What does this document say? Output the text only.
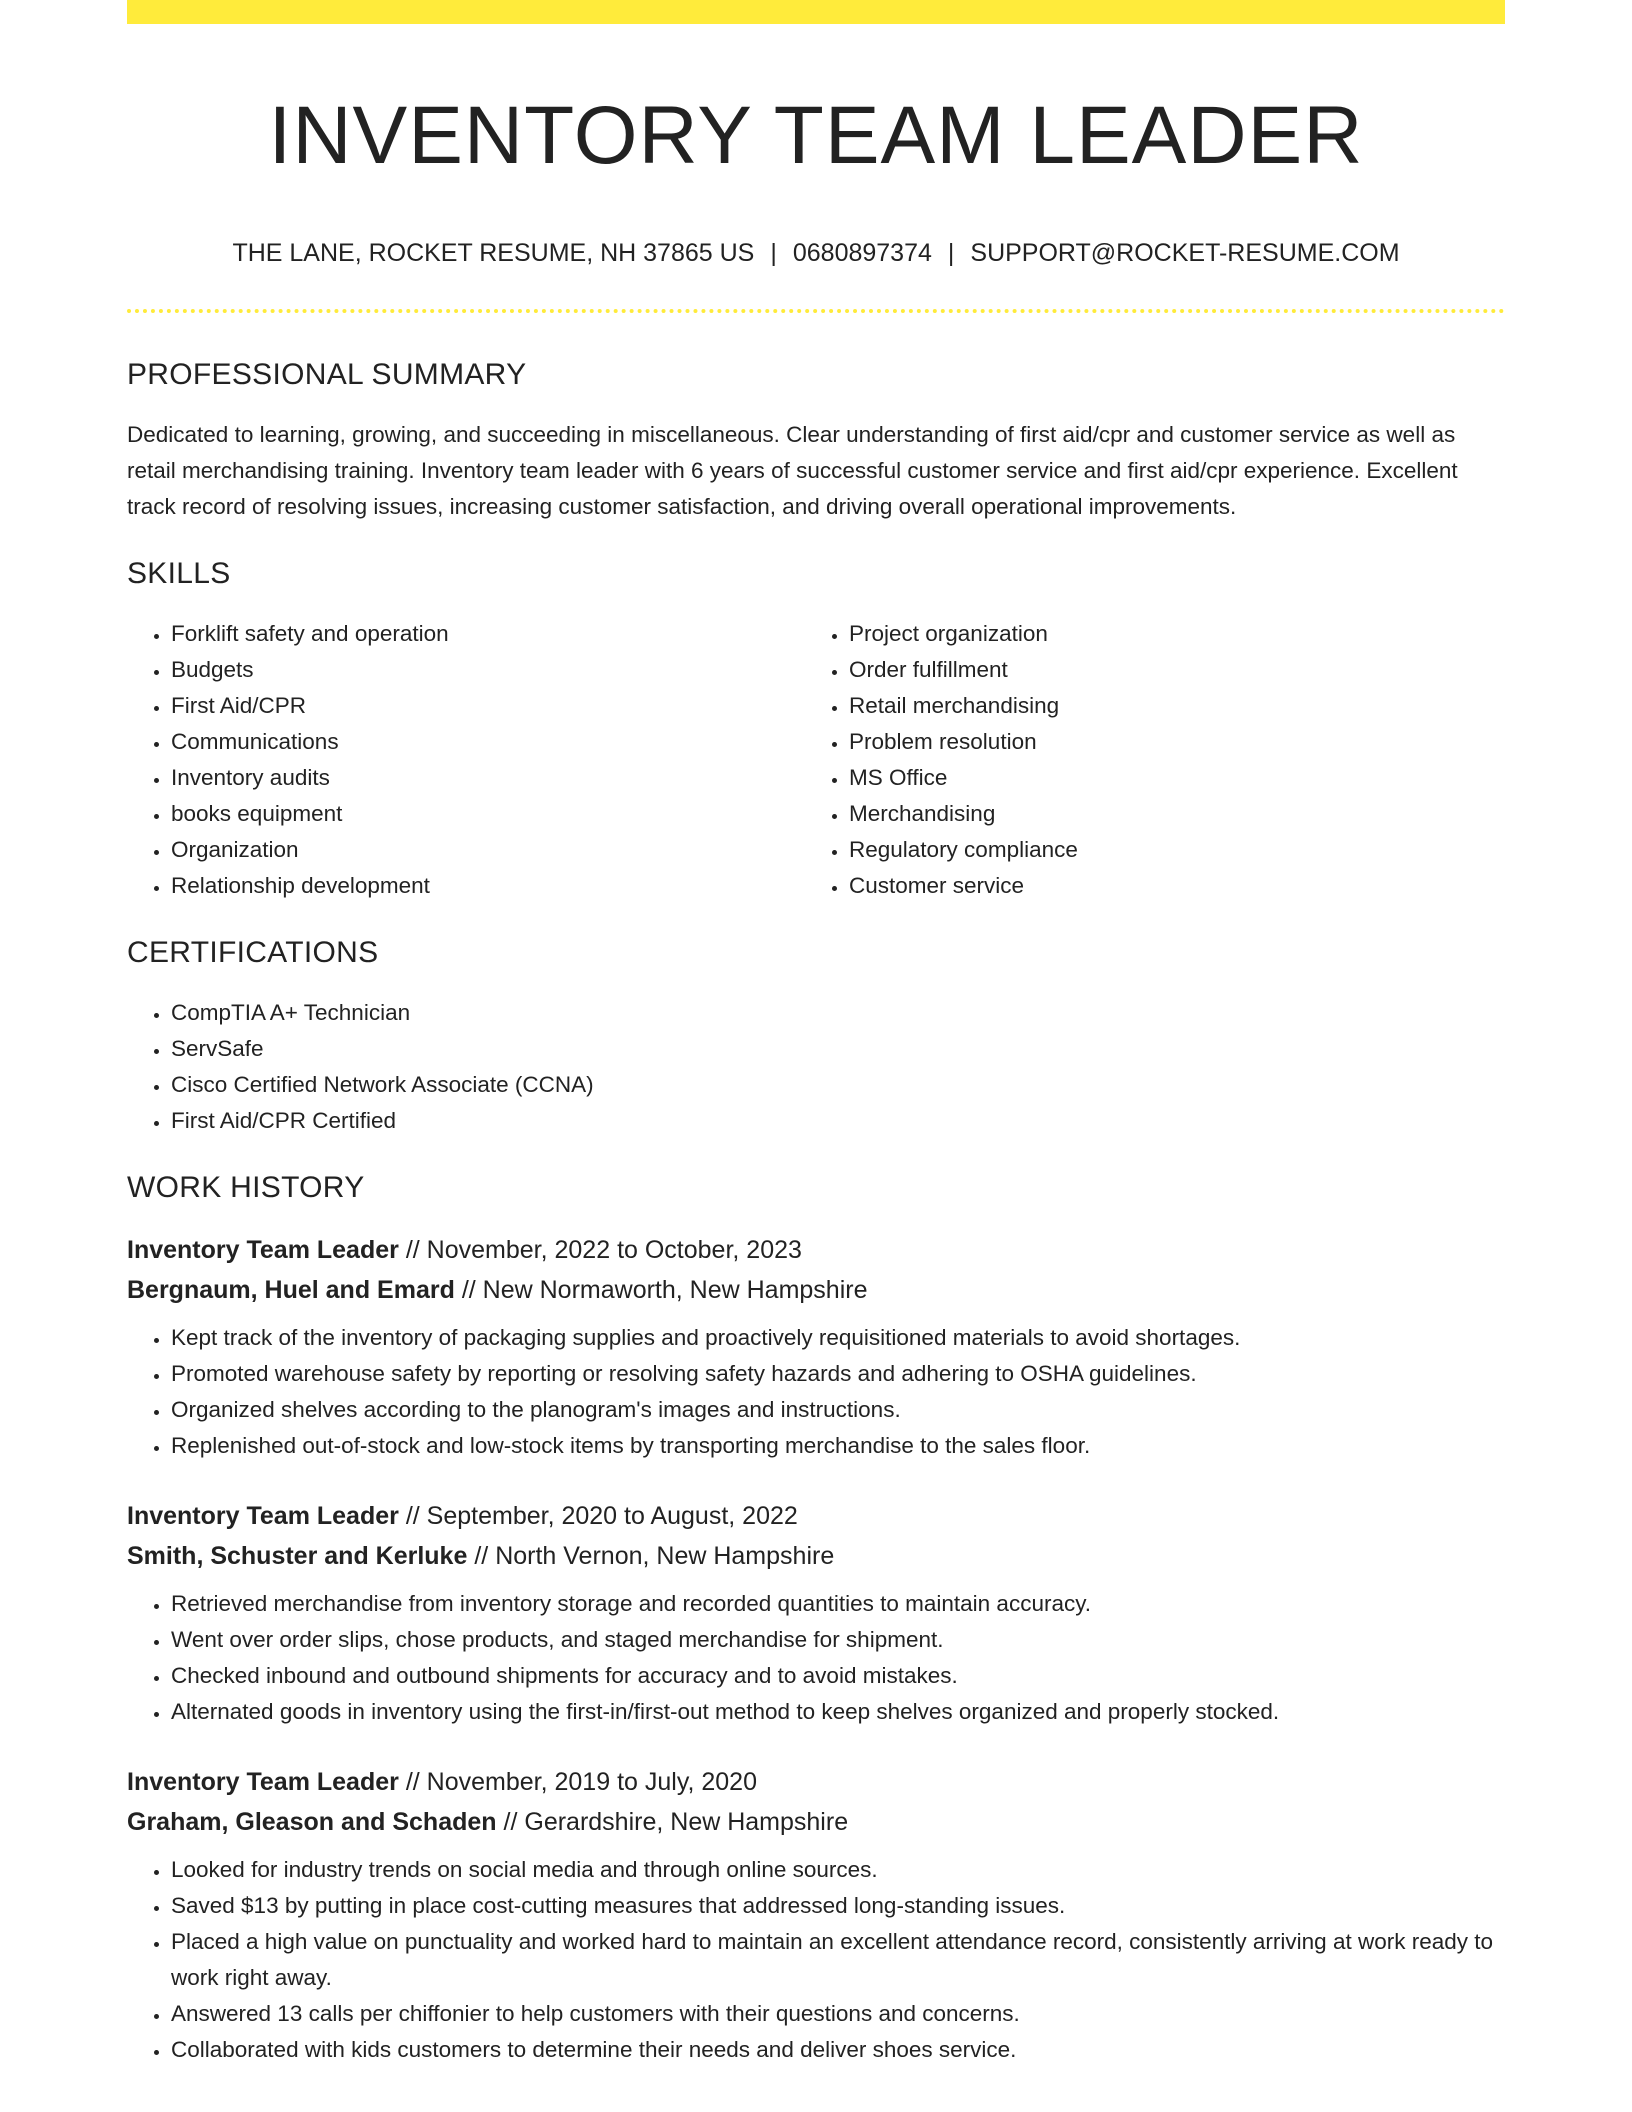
INVENTORY TEAM LEADER
THE LANE, ROCKET RESUME, NH 37865 US | 0680897374 | SUPPORT@ROCKET-RESUME.COM
PROFESSIONAL SUMMARY

Dedicated to learning, growing, and succeeding in miscellaneous. Clear understanding of first aid/cpr and customer service as well as retail merchandising training. Inventory team leader with 6 years of successful customer service and first aid/cpr experience. Excellent track record of resolving issues, increasing customer satisfaction, and driving overall operational improvements.

SKILLS
• Forklift safety and operation
• Budgets
• First Aid/CPR
• Communications
• Inventory audits
• books equipment
• Organization
• Relationship development
• Project organization
• Order fulfillment
• Retail merchandising
• Problem resolution
• MS Office
• Merchandising
• Regulatory compliance
• Customer service
CERTIFICATIONS
• CompTIA A+ Technician
• ServSafe
• Cisco Certified Network Associate (CCNA)
• First Aid/CPR Certified
WORK HISTORY
Inventory Team Leader // November, 2022 to October, 2023
Bergnaum, Huel and Emard // New Normaworth, New Hampshire
• Kept track of the inventory of packaging supplies and proactively requisitioned materials to avoid shortages.
• Promoted warehouse safety by reporting or resolving safety hazards and adhering to OSHA guidelines.
• Organized shelves according to the planogram's images and instructions.
• Replenished out-of-stock and low-stock items by transporting merchandise to the sales floor.
Inventory Team Leader // September, 2020 to August, 2022
Smith, Schuster and Kerluke // North Vernon, New Hampshire
• Retrieved merchandise from inventory storage and recorded quantities to maintain accuracy.
• Went over order slips, chose products, and staged merchandise for shipment.
• Checked inbound and outbound shipments for accuracy and to avoid mistakes.
• Alternated goods in inventory using the first-in/first-out method to keep shelves organized and properly stocked.
Inventory Team Leader // November, 2019 to July, 2020
Graham, Gleason and Schaden // Gerardshire, New Hampshire
• Looked for industry trends on social media and through online sources.
• Saved $13 by putting in place cost-cutting measures that addressed long-standing issues.
• Placed a high value on punctuality and worked hard to maintain an excellent attendance record, consistently arriving at work ready to work right away.
• Answered 13 calls per chiffonier to help customers with their questions and concerns.
• Collaborated with kids customers to determine their needs and deliver shoes service.
